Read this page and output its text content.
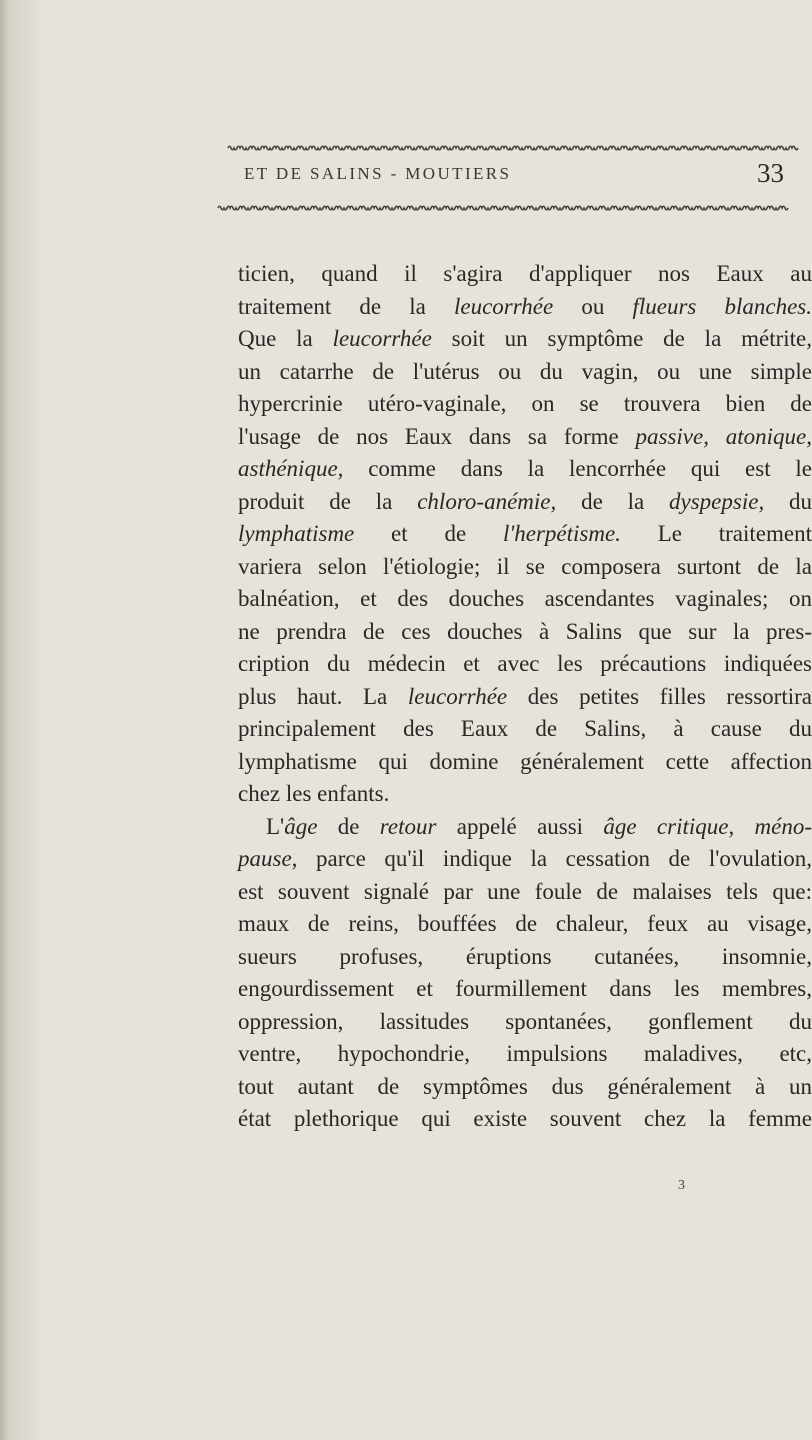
ET DE SALINS - MOUTIERS	33
ticien, quand il s'agira d'appliquer nos Eaux au
traitement de la leucorrhée ou flueurs blanches.
Que la leucorrhée soit un symptôme de la métrite,
un catarrhe de l'utérus ou du vagin, ou une simple
hypercrinie utéro-vaginale, on se trouvera bien de
l'usage de nos Eaux dans sa forme passive, atonique,
asthénique, comme dans la lencorrhée qui est le
produit de la chloro-anémie, de la dyspepsie, du
lymphatisme et de l'herpétisme. Le traitement
variera selon l'étiologie; il se composera surtont de la
balnéation, et des douches ascendantes vaginales; on
ne prendra de ces douches à Salins que sur la pres-
cription du médecin et avec les précautions indiquées
plus haut. La leucorrhée des petites filles ressortira
principalement des Eaux de Salins, à cause du
lymphatisme qui domine généralement cette affection
chez les enfants.
L'âge de retour appelé aussi âge critique, méno-
pause, parce qu'il indique la cessation de l'ovulation,
est souvent signalé par une foule de malaises tels que:
maux de reins, bouffées de chaleur, feux au visage,
sueurs profuses, éruptions cutanées, insomnie,
engourdissement et fourmillement dans les membres,
oppression, lassitudes spontanées, gonflement du
ventre, hypochondrie, impulsions maladives, etc,
tout autant de symptômes dus généralement à un
état plethorique qui existe souvent chez la femme
3
